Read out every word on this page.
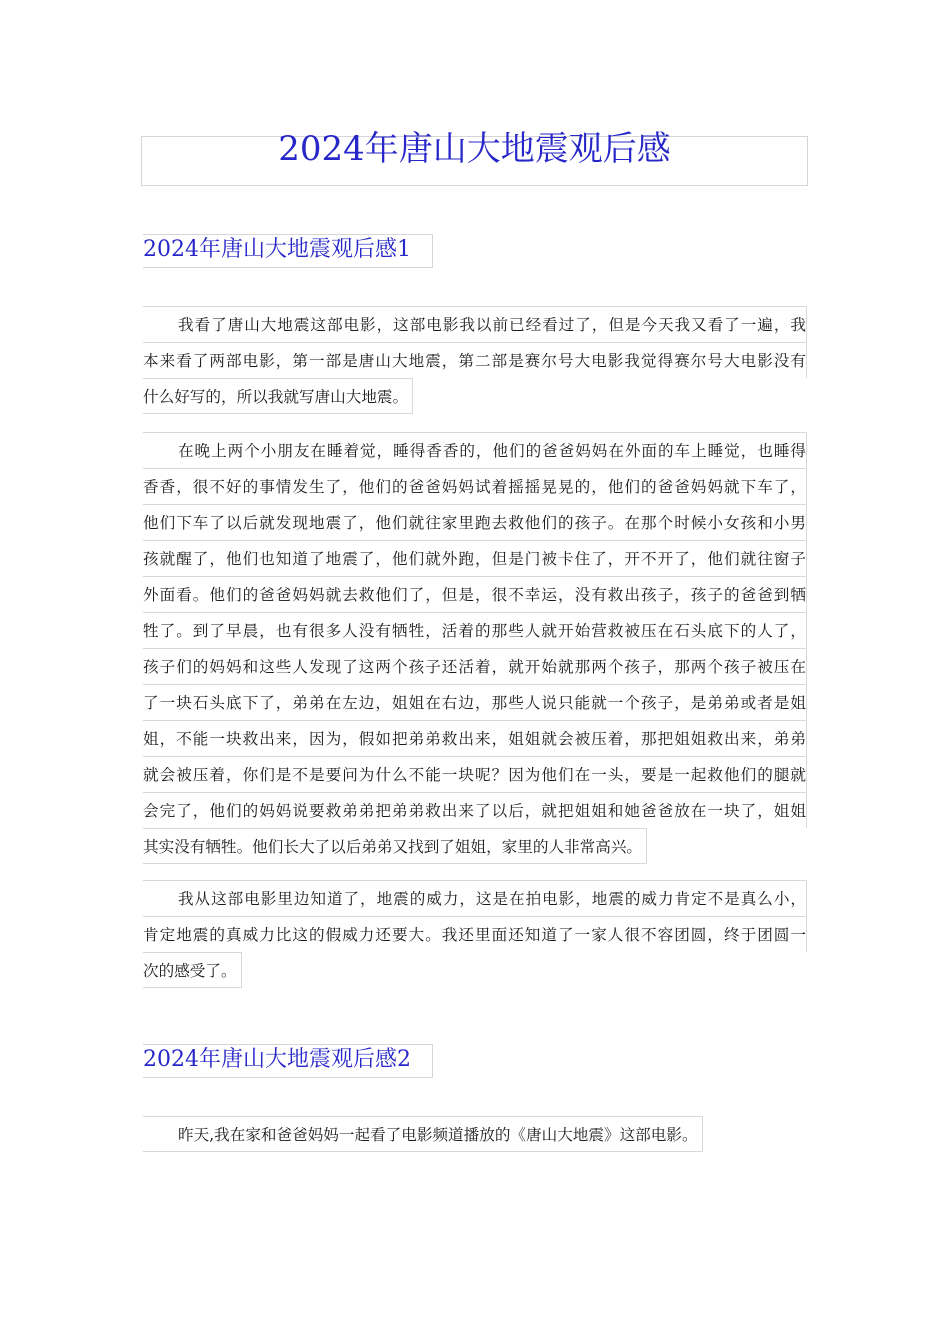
2024年唐山大地震观后感
2024年唐山大地震观后感1
我看了唐山大地震这部电影，这部电影我以前已经看过了，但是今天我又看了一遍，我
本来看了两部电影，第一部是唐山大地震，第二部是赛尔号大电影我觉得赛尔号大电影没有
什么好写的，所以我就写唐山大地震。
在晚上两个小朋友在睡着觉，睡得香香的，他们的爸爸妈妈在外面的车上睡觉，也睡得
香香，很不好的事情发生了，他们的爸爸妈妈试着摇摇晃晃的，他们的爸爸妈妈就下车了，
他们下车了以后就发现地震了，他们就往家里跑去救他们的孩子。在那个时候小女孩和小男
孩就醒了，他们也知道了地震了，他们就外跑，但是门被卡住了，开不开了，他们就往窗子
外面看。他们的爸爸妈妈就去救他们了，但是，很不幸运，没有救出孩子，孩子的爸爸到牺
牲了。到了早晨，也有很多人没有牺牲，活着的那些人就开始营救被压在石头底下的人了，
孩子们的妈妈和这些人发现了这两个孩子还活着，就开始就那两个孩子，那两个孩子被压在
了一块石头底下了，弟弟在左边，姐姐在右边，那些人说只能就一个孩子，是弟弟或者是姐
姐，不能一块救出来，因为，假如把弟弟救出来，姐姐就会被压着，那把姐姐救出来，弟弟
就会被压着，你们是不是要问为什么不能一块呢？因为他们在一头，要是一起救他们的腿就
会完了，他们的妈妈说要救弟弟把弟弟救出来了以后，就把姐姐和她爸爸放在一块了，姐姐
其实没有牺牲。他们长大了以后弟弟又找到了姐姐，家里的人非常高兴。
我从这部电影里边知道了，地震的威力，这是在拍电影，地震的威力肯定不是真么小，
肯定地震的真威力比这的假威力还要大。我还里面还知道了一家人很不容团圆，终于团圆一
次的感受了。
2024年唐山大地震观后感2
昨天,我在家和爸爸妈妈一起看了电影频道播放的《唐山大地震》这部电影。
